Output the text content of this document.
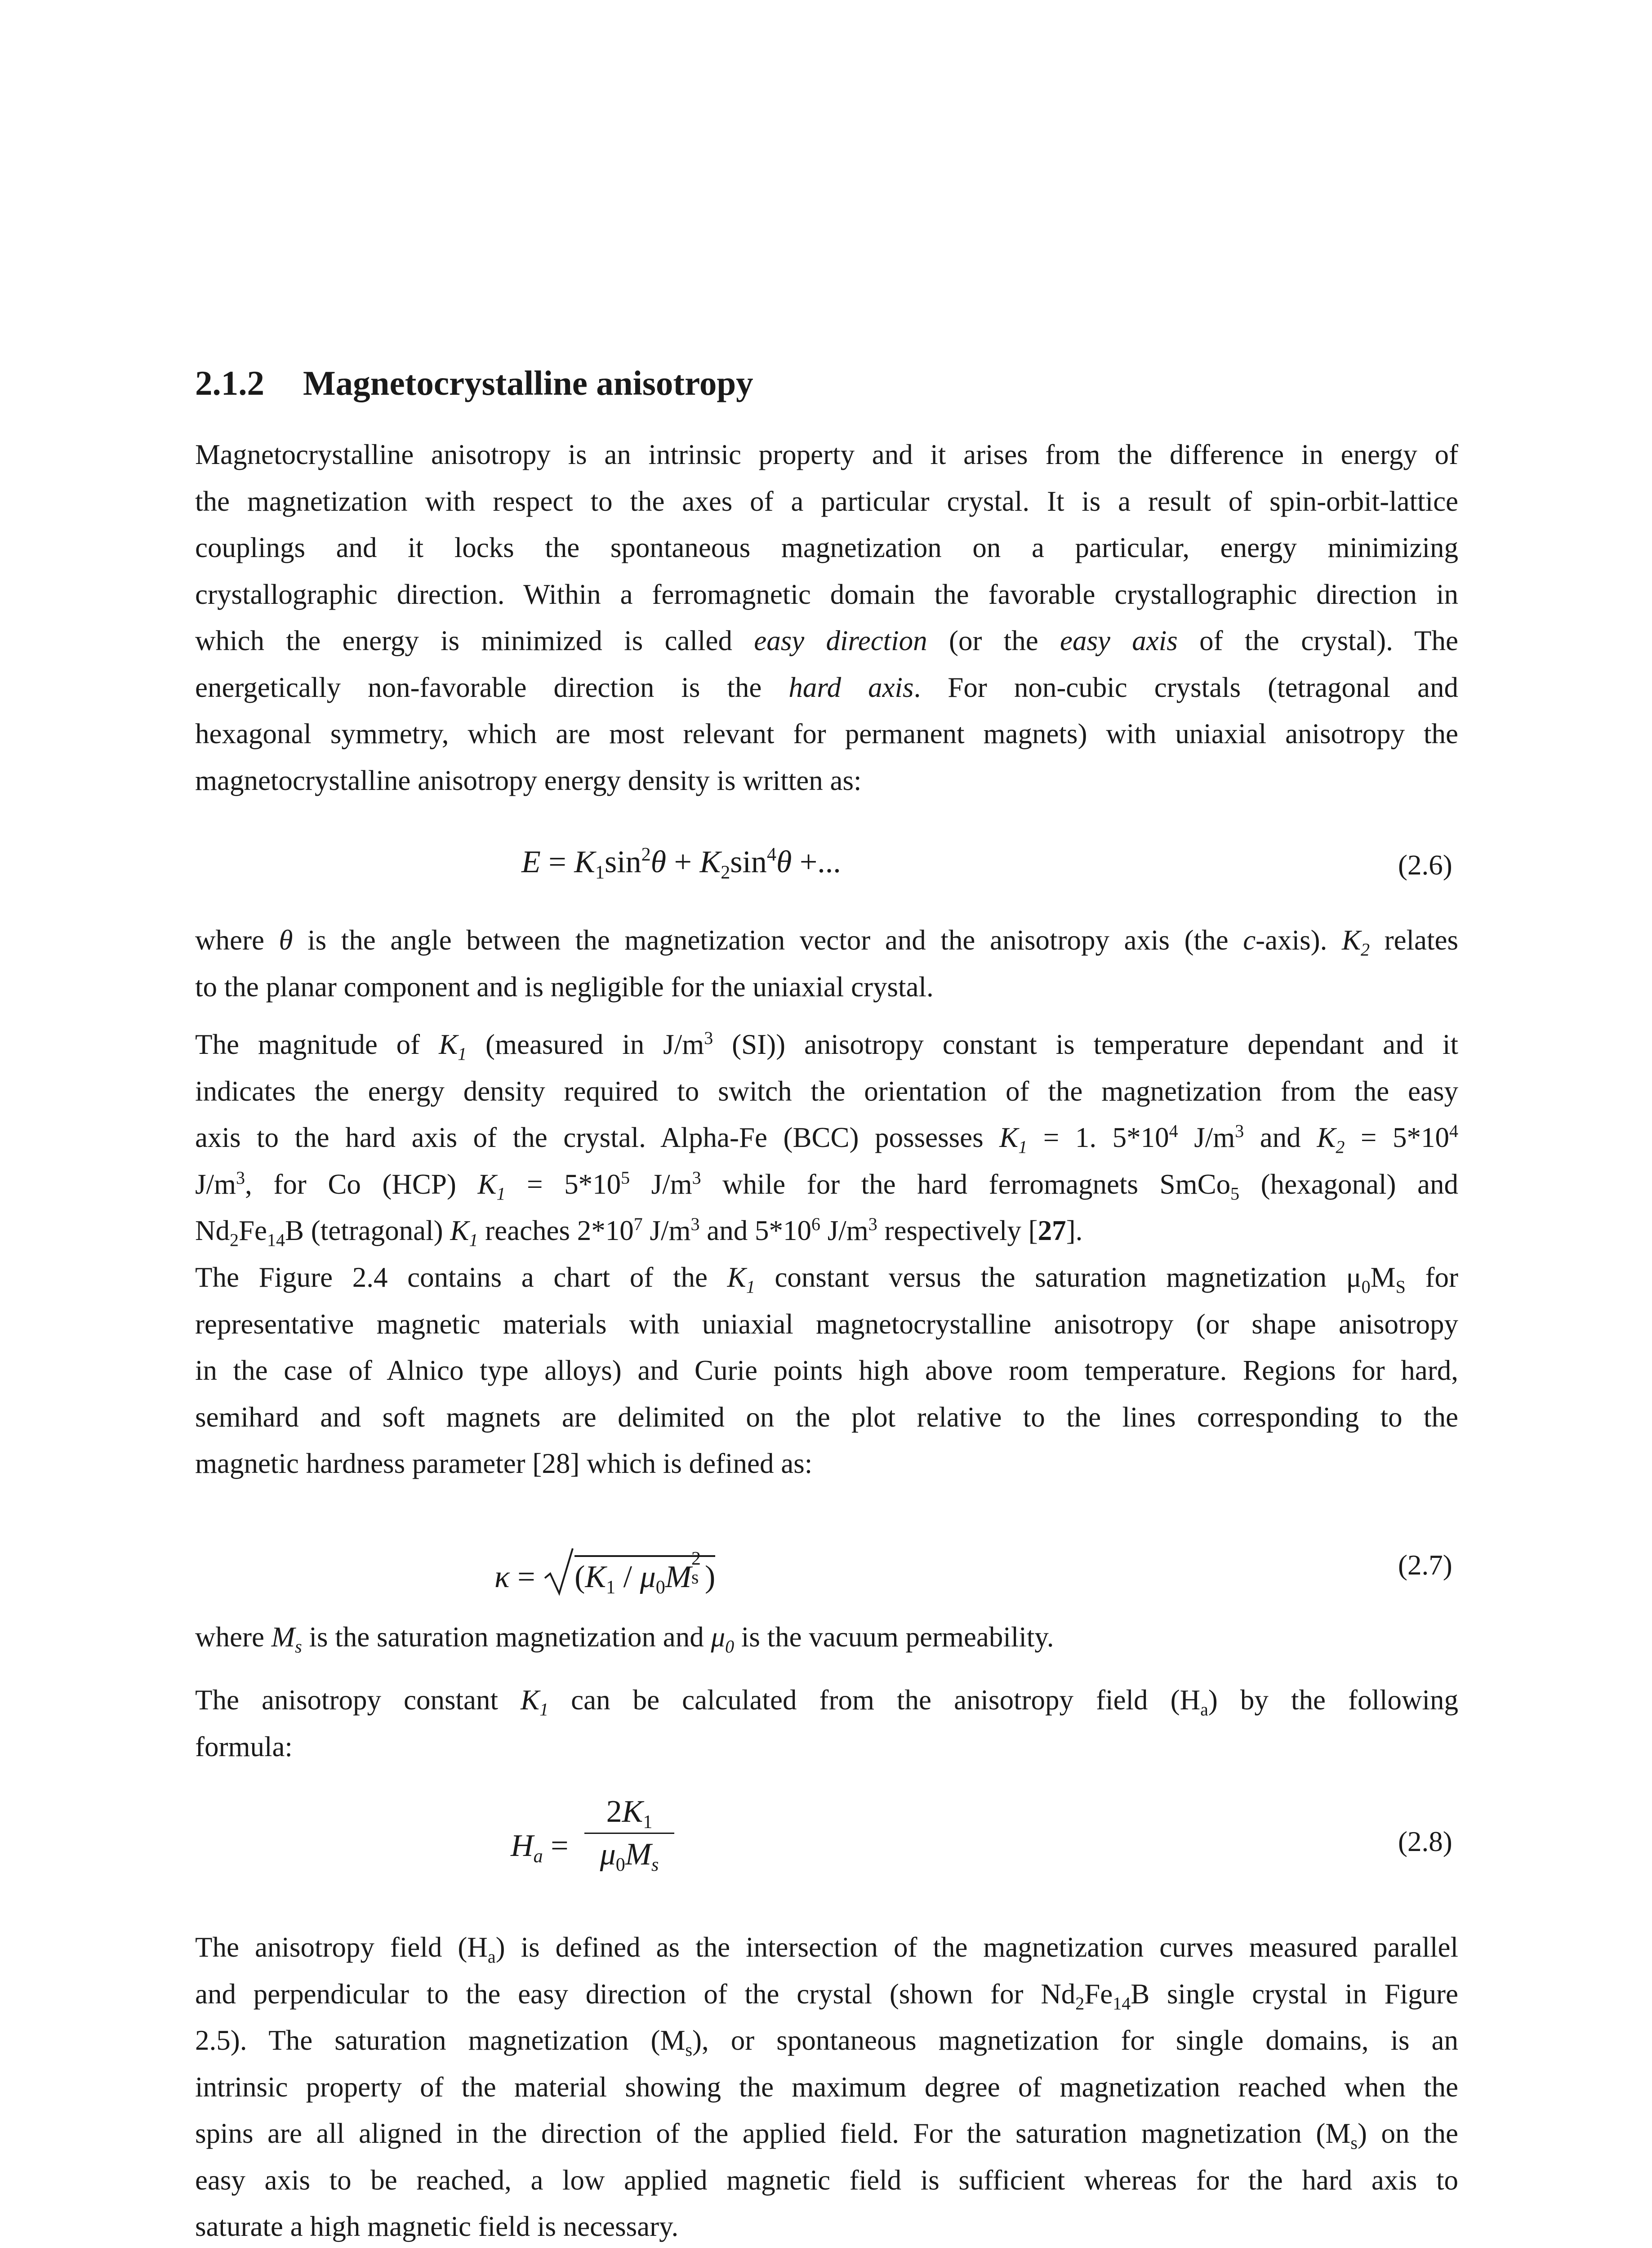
2.1.2 Magnetocrystalline anisotropy
Magnetocrystalline anisotropy is an intrinsic property and it arises from the difference in energy of
the magnetization with respect to the axes of a particular crystal. It is a result of spin-orbit-lattice
couplings and it locks the spontaneous magnetization on a particular, energy minimizing
crystallographic direction. Within a ferromagnetic domain the favorable crystallographic direction in
which the energy is minimized is called easy direction (or the easy axis of the crystal). The
energetically non-favorable direction is the hard axis. For non-cubic crystals (tetragonal and
hexagonal symmetry, which are most relevant for permanent magnets) with uniaxial anisotropy the
magnetocrystalline anisotropy energy density is written as:
$E = K_1\sin^2\theta + K_2\sin^4\theta$ +...	(2.6)
where θ is the angle between the magnetization vector and the anisotropy axis (the c-axis). $K_2$ relates
to the planar component and is negligible for the uniaxial crystal.
The magnitude of $K_1$ (measured in $J/m^3$ (SI)) anisotropy constant is temperature dependant and it
indicates the energy density required to switch the orientation of the magnetization from the easy
axis to the hard axis of the crystal. Alpha-Fe (BCC) possesses $K_1 = 1$. $5*10^4$ $J/m^3$ and $K_2 = 5*10^4$
$J/m^3$, for Co (HCP) $K_1 = 5*10^5$ $J/m^3$ while for the hard ferromagnets SmCo$_5$ (hexagonal) and
$Nd_2Fe_{14}B$ (tetragonal) $K_1$ reaches $2*10^7$ $J/m^3$ and $5*10^6$ $J/m^3$ respectively [27].
The Figure 2.4 contains a chart of the $K_1$ constant versus the saturation magnetization $\mu_0M_S$ for
representative magnetic materials with uniaxial magnetocrystalline anisotropy (or shape anisotropy
in the case of Alnico type alloys) and Curie points high above room temperature. Regions for hard,
semihard and soft magnets are delimited on the plot relative to the lines corresponding to the
magnetic hardness parameter [28] which is defined as:
$\kappa = (K_1 / \mu_0M$ s
2
)	(2.7)
where $M_s$ is the saturation magnetization and $\mu_0$ is the vacuum permeability.
The anisotropy constant $K_1$ can be calculated from the anisotropy field $(H_a)$ by the following
formula:
$H_a$ =
$2K_1$
$\mu_0M_s$
(2.8)
The anisotropy field $(H_a)$ is defined as the intersection of the magnetization curves measured parallel
and perpendicular to the easy direction of the crystal (shown for $Nd_2Fe_{14}B$ single crystal in Figure
2.5). The saturation magnetization $(M_s)$, or spontaneous magnetization for single domains, is an
intrinsic property of the material showing the maximum degree of magnetization reached when the
spins are all aligned in the direction of the applied field. For the saturation magnetization $(M_s)$ on the
easy axis to be reached, a low applied magnetic field is sufficient whereas for the hard axis to
saturate a high magnetic field is necessary.
